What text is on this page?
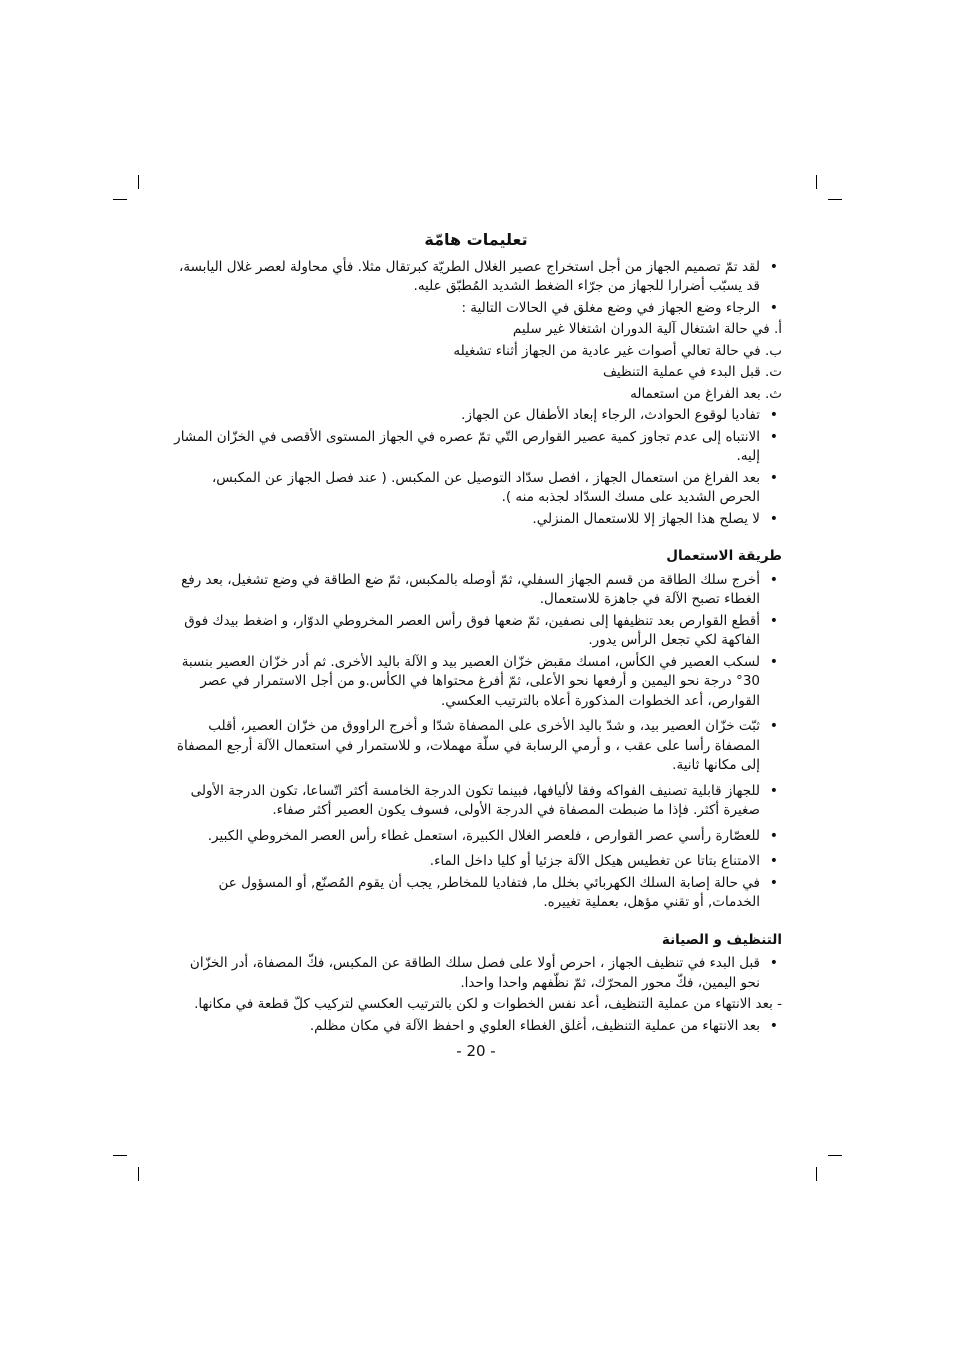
تعليمات هامّة
• لقد تمّ تصميم الجهاز من أجل استخراج عصير الغلال الطريّة كبرتقال مثلا. فأي محاولة لعصر غلال اليابسة، قد يسبّب أضرارا للجهاز من جرّاء الضغط الشديد المُطبّق عليه.
• الرجاء وضع الجهاز في وضع مغلق في الحالات التالية :
أ. في حالة اشتغال آلية الدوران اشتغالا غير سليم
ب. في حالة تعالي أصوات غير عادية من الجهاز أثناء تشغيله
ت. قبل البدء في عملية التنظيف
ث. بعد الفراغ من استعماله
• تفاديا لوقوع الحوادث، الرجاء إبعاد الأطفال عن الجهاز.
• الانتباه إلى عدم تجاوز كمية عصير القوارص التّي تمّ عصره في الجهاز المستوى الأقصى في الخزّان المشار إليه.
• بعد الفراغ من استعمال الجهاز ، افصل سدّاد التوصيل عن المكبس. ( عند فصل الجهاز عن المكبس، الحرص الشديد على مسك السدّاد لجذبه منه ).
• لا يصلح هذا الجهاز إلا للاستعمال المنزلي.
طريقة الاستعمال
• أخرج سلك الطاقة من قسم الجهاز السفلي، ثمّ أوصله بالمكبس، ثمّ ضع الطاقة في وضع تشغيل، بعد رفع الغطاء تصبح الآلة في جاهزة للاستعمال.
• أقطع القوارص بعد تنظيفها إلى نصفين، ثمّ ضعها فوق رأس العصر المخروطي الدوّار، و اضغط بيدك فوق الفاكهة لكي تجعل الرأس يدور.
• لسكب العصير في الكأس، امسك مقبض خزّان العصير بيد و الآلة باليد الأخرى. ثم أدر خزّان العصير بنسبة 30° درجة نحو اليمين و أرفعها نحو الأعلى، ثمّ أفرغ محتواها في الكأس.و من أجل الاستمرار في عصر القوارص، أعد الخطوات المذكورة أعلاه بالترتيب العكسي.
• ثبّت خزّان العصير بيد، و شدّ باليد الأخرى على المصفاة شدّا و أخرج الراووق من خزّان العصير، أقلب المصفاة رأسا على عقب ، و أرمي الرسابة في سلّة مهملات، و للاستمرار في استعمال الآلة أرجع المصفاة إلى مكانها ثانية.
• للجهاز قابلية تصنيف الفواكه وفقا لأليافها، فبينما تكون الدرجة الخامسة أكثر اتّساعا، تكون الدرجة الأولى صغيرة أكثر. فإذا ما ضبطت المصفاة في الدرجة الأولى، فسوف يكون العصير أكثر صفاء.
• للعصّارة رأسي عصر القوارص ، فلعصر الغلال الكبيرة، استعمل غطاء رأس العصر المخروطي الكبير.
• الامتناع بتاتا عن تغطيس هيكل الآلة جزئيا أو كليا داخل الماء.
• في حالة إصابة السلك الكهربائي بخلل ما, فتفاديا للمخاطر, يجب أن يقوم المُصنّع, أو المسؤول عن الخدمات, أو تقني مؤهل، بعملية تغييره.
التنظيف و الصيانة
• قبل البدء في تنظيف الجهاز ، احرص أولا على فصل سلك الطاقة عن المكبس، فكّ المصفاة، أدر الخزّان نحو اليمين، فكّ محور المحرّك، ثمّ نظّفهم واحدا واحدا.
- بعد الانتهاء من عملية التنظيف، أعد نفس الخطوات و لكن بالترتيب العكسي لتركيب كلّ قطعة في مكانها.
• بعد الانتهاء من عملية التنظيف، أغلق الغطاء العلوي و احفظ الآلة في مكان مظلم.
- 20 -
